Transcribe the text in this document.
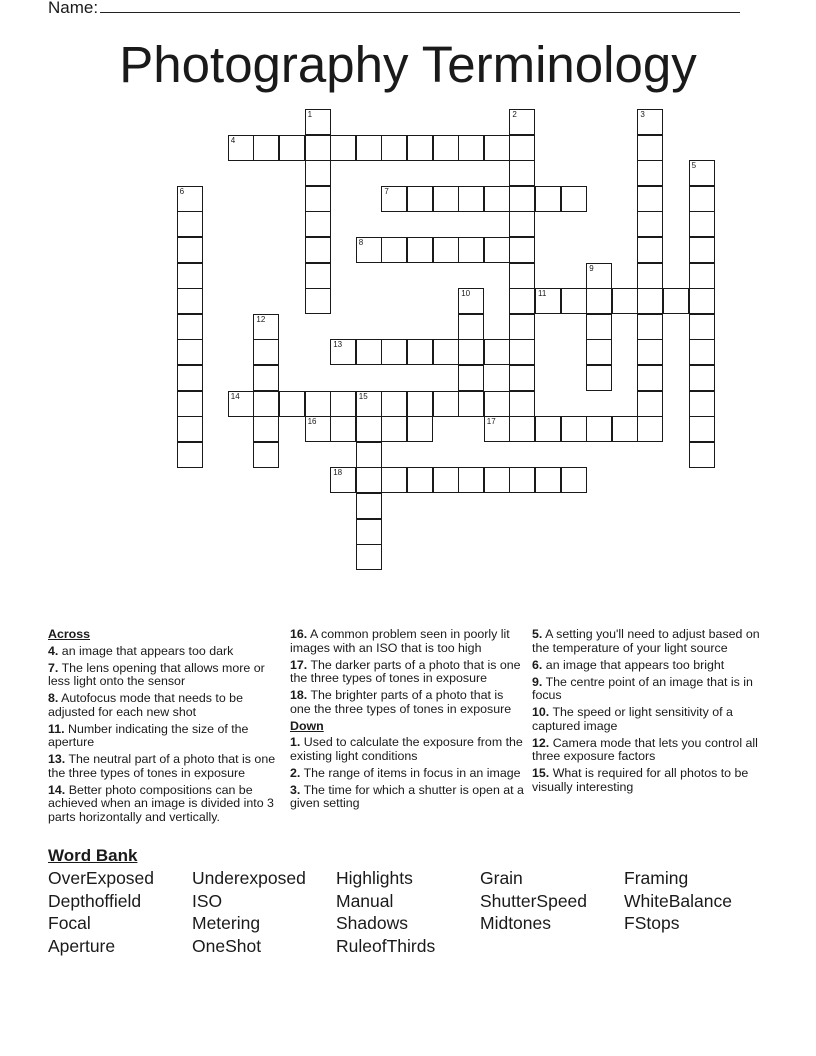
Name:
Photography Terminology
4
7
8
11
13
14	15
16	17
18
1	2	3
5
6
9
10
12
Across
4. an image that appears too dark
7. The lens opening that allows more or less light onto the sensor
8. Autofocus mode that needs to be adjusted for each new shot
11. Number indicating the size of the aperture
13. The neutral part of a photo that is one the three types of tones in exposure
14. Better photo compositions can be achieved when an image is divided into 3 parts horizontally and vertically.
16. A common problem seen in poorly lit images with an ISO that is too high
17. The darker parts of a photo that is one the three types of tones in exposure
18. The brighter parts of a photo that is one the three types of tones in exposure
Down
1. Used to calculate the exposure from the existing light conditions
2. The range of items in focus in an image
3. The time for which a shutter is open at a given setting
5. A setting you'll need to adjust based on the temperature of your light source
6. an image that appears too bright
9. The centre point of an image that is in focus
10. The speed or light sensitivity of a captured image
12. Camera mode that lets you control all three exposure factors
15. What is required for all photos to be visually interesting
Word Bank
OverExposed	Underexposed	Highlights	Grain	Framing
Depthoffield	ISO	Manual	ShutterSpeed	WhiteBalance
Focal	Metering	Shadows	Midtones	FStops
Aperture	OneShot	RuleofThirds
